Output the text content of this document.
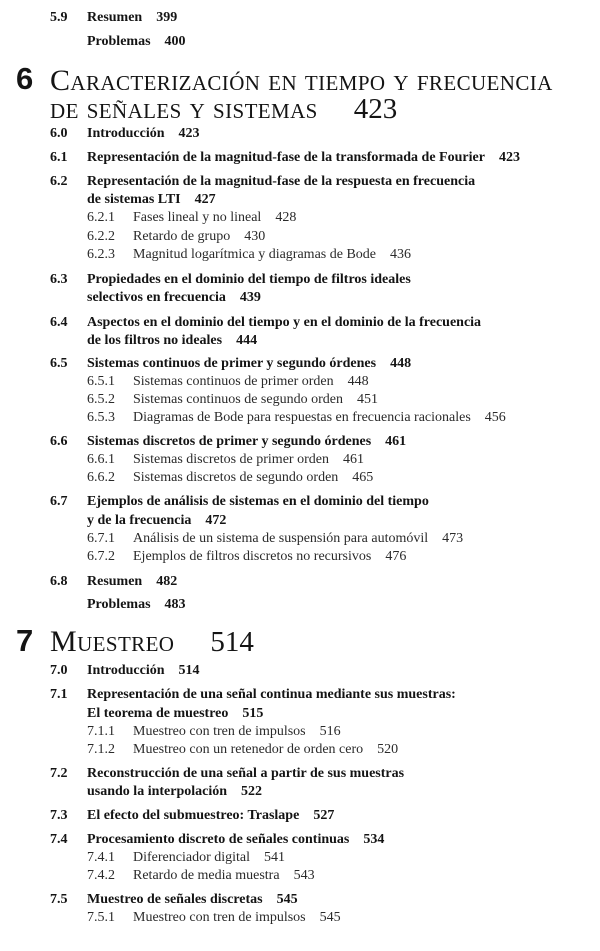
5.9 Resumen 399
Problemas 400
6 Caracterización en tiempo y frecuencia
de señales y sistemas 423
6.0 Introducción 423
6.1 Representación de la magnitud-fase de la transformada de Fourier 423
6.2 Representación de la magnitud-fase de la respuesta en frecuencia
de sistemas LTI 427
6.2.1 Fases lineal y no lineal 428
6.2.2 Retardo de grupo 430
6.2.3 Magnitud logarítmica y diagramas de Bode 436
6.3 Propiedades en el dominio del tiempo de filtros ideales
selectivos en frecuencia 439
6.4 Aspectos en el dominio del tiempo y en el dominio de la frecuencia
de los filtros no ideales 444
6.5 Sistemas continuos de primer y segundo órdenes 448
6.5.1 Sistemas continuos de primer orden 448
6.5.2 Sistemas continuos de segundo orden 451
6.5.3 Diagramas de Bode para respuestas en frecuencia racionales 456
6.6 Sistemas discretos de primer y segundo órdenes 461
6.6.1 Sistemas discretos de primer orden 461
6.6.2 Sistemas discretos de segundo orden 465
6.7 Ejemplos de análisis de sistemas en el dominio del tiempo
y de la frecuencia 472
6.7.1 Análisis de un sistema de suspensión para automóvil 473
6.7.2 Ejemplos de filtros discretos no recursivos 476
6.8 Resumen 482
Problemas 483
7 Muestreo 514
7.0 Introducción 514
7.1 Representación de una señal continua mediante sus muestras:
El teorema de muestreo 515
7.1.1 Muestreo con tren de impulsos 516
7.1.2 Muestreo con un retenedor de orden cero 520
7.2 Reconstrucción de una señal a partir de sus muestras
usando la interpolación 522
7.3 El efecto del submuestreo: Traslape 527
7.4 Procesamiento discreto de señales continuas 534
7.4.1 Diferenciador digital 541
7.4.2 Retardo de media muestra 543
7.5 Muestreo de señales discretas 545
7.5.1 Muestreo con tren de impulsos 545
